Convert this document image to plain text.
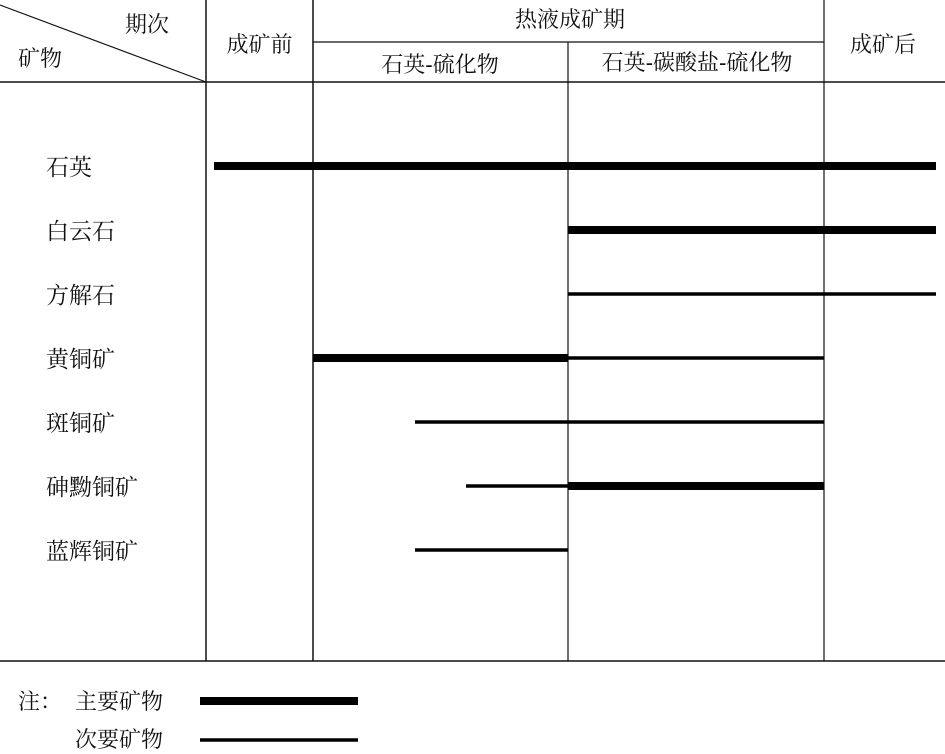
期次
矿物
成矿前
热液成矿期
石英-硫化物	石英-碳酸盐-硫化物
成矿后
石英
白云石
方解石
黄铜矿
斑铜矿
砷黝铜矿
蓝辉铜矿
注： 主要矿物
次要矿物
